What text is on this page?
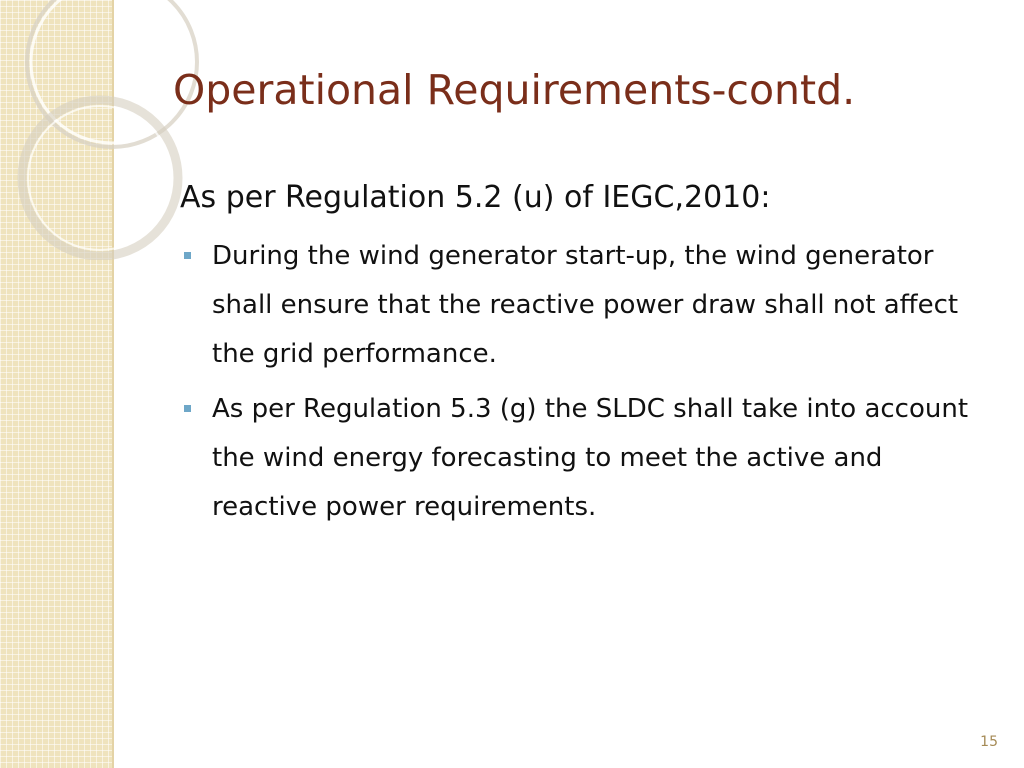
Operational Requirements-contd.

As per Regulation 5.2 (u) of IEGC,2010:

During the wind generator start-up, the wind generator shall ensure that the reactive power draw shall not affect the grid performance.
As per Regulation 5.3 (g) the SLDC shall take into account the wind energy forecasting to meet the active and reactive power requirements.
15
